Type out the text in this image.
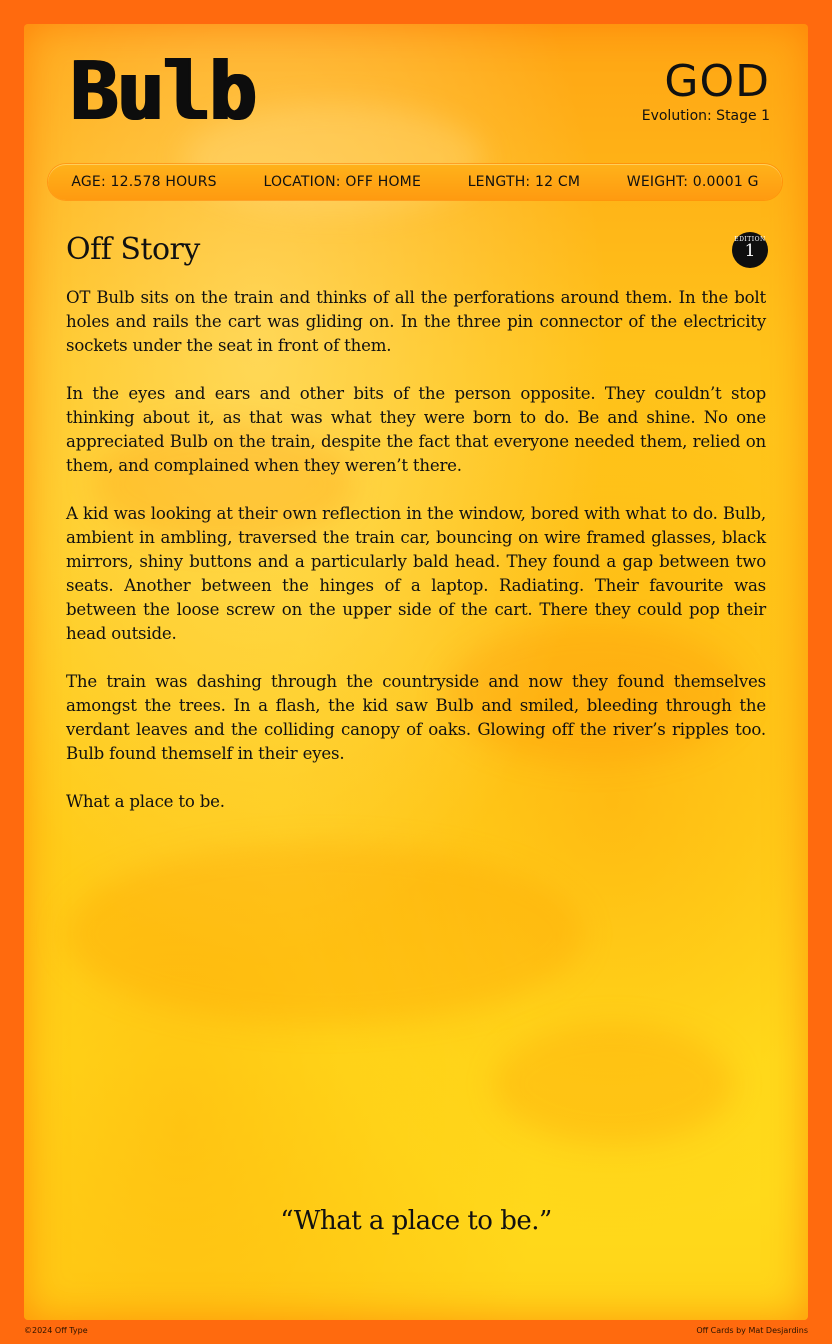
Bulb	GOD
Evolution: Stage 1
AGE: 12.578 HOURS	LOCATION: OFF HOME	LENGTH: 12 CM	WEIGHT: 0.0001 G
Off Story	EDITION
1

OT Bulb sits on the train and thinks of all the perforations around them. In the bolt holes and rails the cart was gliding on. In the three pin connector of the electricity sockets under the seat in front of them.

In the eyes and ears and other bits of the person opposite. They couldn’t stop thinking about it, as that was what they were born to do. Be and shine. No one appreciated Bulb on the train, despite the fact that everyone needed them, relied on them, and complained when they weren’t there.

A kid was looking at their own reflection in the window, bored with what to do. Bulb, ambient in ambling, traversed the train car, bouncing on wire framed glasses, black mirrors, shiny buttons and a particularly bald head. They found a gap between two seats. Another between the hinges of a laptop. Radiating. Their favourite was between the loose screw on the upper side of the cart. There they could pop their head outside.

The train was dashing through the countryside and now they found themselves amongst the trees. In a flash, the kid saw Bulb and smiled, bleeding through the verdant leaves and the colliding canopy of oaks. Glowing off the river’s ripples too. Bulb found themself in their eyes.

What a place to be.

“What a place to be.”
©2024 Off Type	Off Cards by Mat Desjardins
